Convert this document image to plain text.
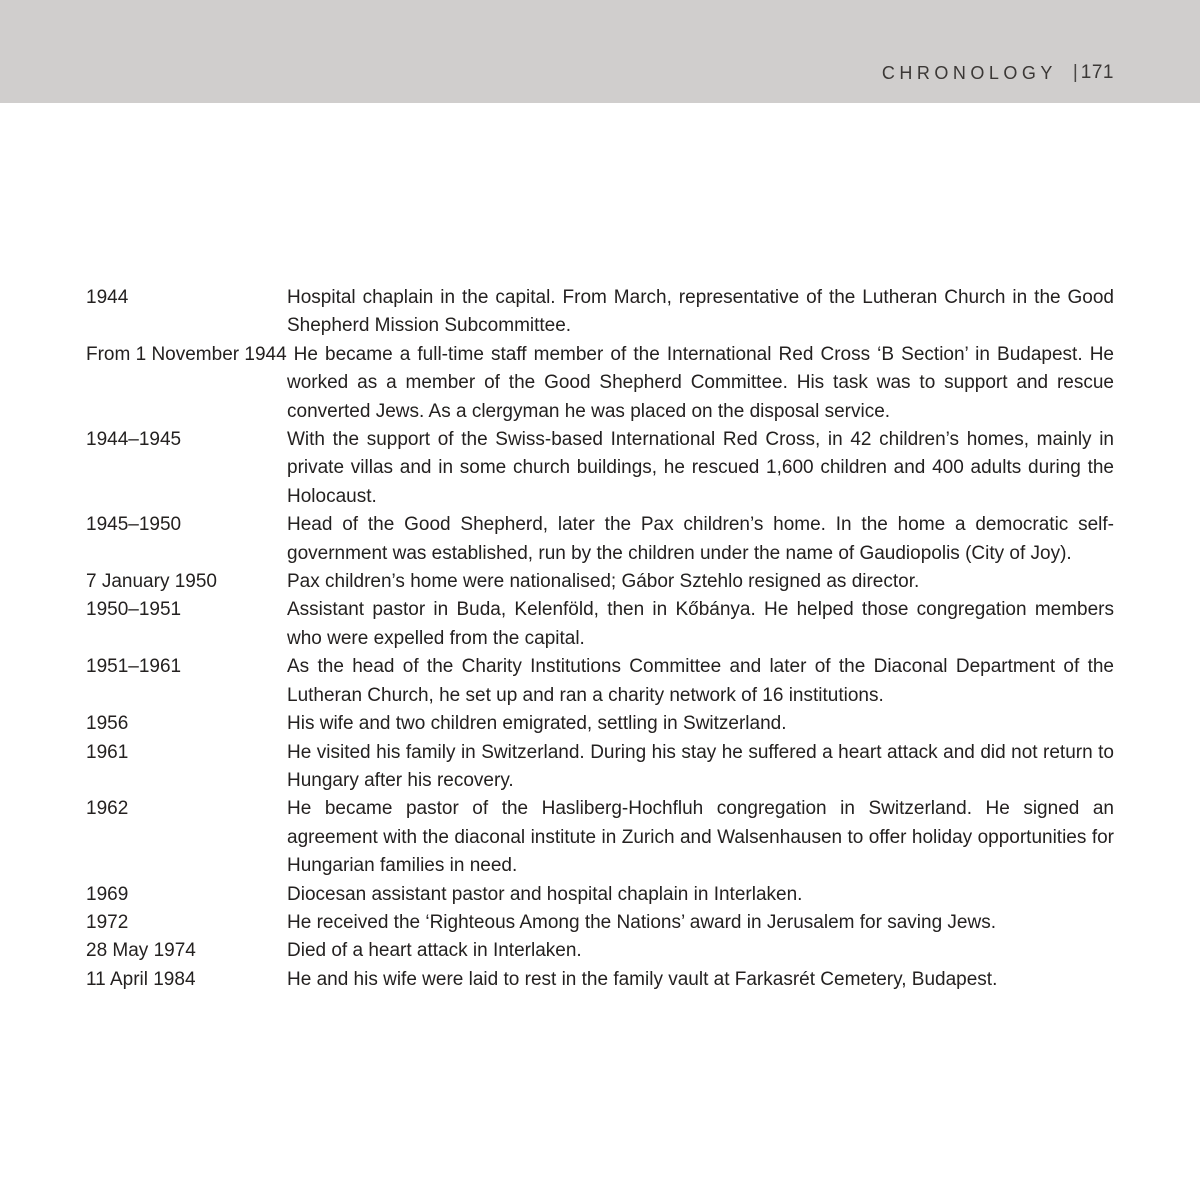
CHRONOLOGY | 171

1944	Hospital chaplain in the capital. From March, representative of the Lutheran Church in the Good Shepherd Mission Subcommittee.

From 1 November 1944 He became a full-time staff member of the International Red Cross ‘B Section’ in Budapest. He worked as a member of the Good Shepherd Committee. His task was to support and rescue converted Jews. As a clergyman he was placed on the disposal service.

1944–1945	With the support of the Swiss-based International Red Cross, in 42 children’s homes, mainly in private villas and in some church buildings, he rescued 1,600 children and 400 adults during the Holocaust.

1945–1950	Head of the Good Shepherd, later the Pax children’s home. In the home a democratic self-government was established, run by the children under the name of Gaudiopolis (City of Joy).

7 January 1950	Pax children’s home were nationalised; Gábor Sztehlo resigned as director.

1950–1951	Assistant pastor in Buda, Kelenföld, then in Kőbánya. He helped those congregation members who were expelled from the capital.

1951–1961	As the head of the Charity Institutions Committee and later of the Diaconal Department of the Lutheran Church, he set up and ran a charity network of 16 institutions.

1956	His wife and two children emigrated, settling in Switzerland.

1961	He visited his family in Switzerland. During his stay he suffered a heart attack and did not return to Hungary after his recovery.

1962	He became pastor of the Hasliberg-Hochfluh congregation in Switzerland. He signed an agreement with the diaconal institute in Zurich and Walsenhausen to offer holiday opportunities for Hungarian families in need.

1969	Diocesan assistant pastor and hospital chaplain in Interlaken.

1972	He received the ‘Righteous Among the Nations’ award in Jerusalem for saving Jews.

28 May 1974	Died of a heart attack in Interlaken.

11 April 1984	He and his wife were laid to rest in the family vault at Farkasrét Cemetery, Budapest.
